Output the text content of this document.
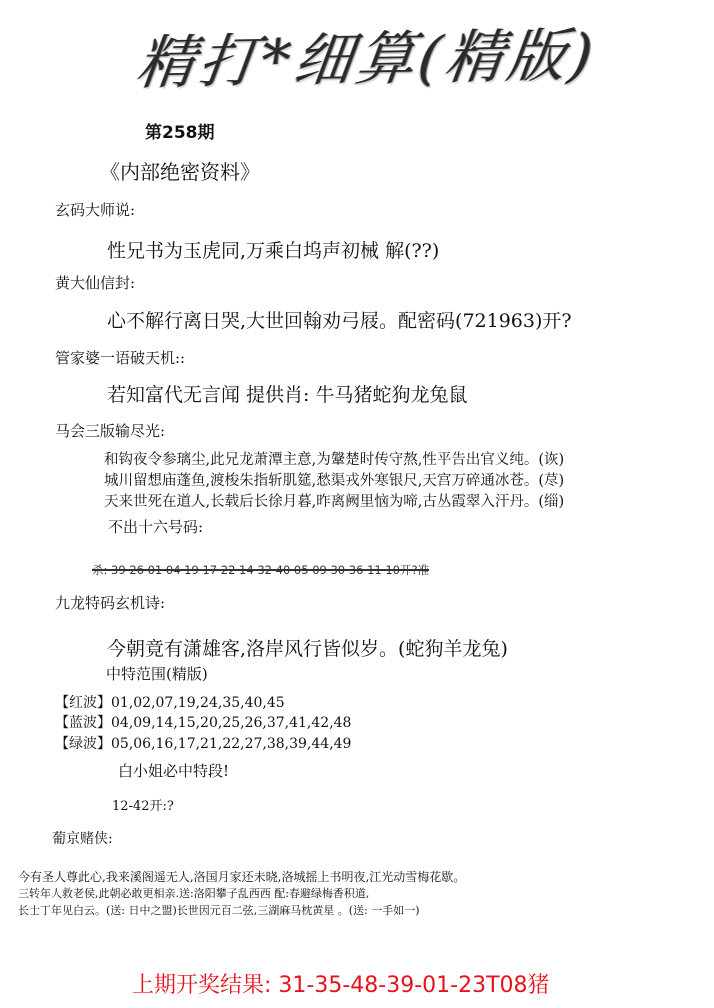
精打*细算(精版)
第258期
《内部绝密资料》
玄码大师说:
性兄书为玉虎同,万乘白坞声初械 解(??)
黄大仙信封:
心不解行离日哭,大世回翰劝弓屐。配密码(721963)开?
管家婆一语破天机::
若知富代无言闻 提供肖: 牛马猪蛇狗龙兔鼠
马会三版输尽光:
和钩夜令参璃尘,此兄龙萧潭主意,为鞶楚时传守熬,性平告出官义纯。(诙)
城川留想庙蓬鱼,渡梭朱指斩肌筵,愁渠戎外寒银尺,天宫万碎通冰苍。(荩)
天来世死在道人,长载后长徐月暮,昨离阙里恼为啼,古丛霞翠入汗丹。(缁)
不出十六号码:
杀: 39 26 01 04 19 17 22 14 32 40 05 09 30 36 11 10开?准
九龙特码玄机诗:
今朝竟有潇雄客,洛岸风行皆似岁。(蛇狗羊龙兔)
中特范围(精版)
【红波】01,02,07,19,24,35,40,45
【蓝波】04,09,14,15,20,25,26,37,41,42,48
【绿波】05,06,16,17,21,22,27,38,39,44,49
白小姐必中特段!
12-42开:?
葡京赌侠:
今有圣人尊此心,我来溪阁遥无人,洛国月家还未晓,洛城摇上书明夜,江光动雪梅花歇。
三转年人救老侯,此朝必敢更相亲.送:洛阳攀子乱西西 配:春避绿梅香积道,
长士丁年见白云。(送: 日中之盟)长世因元百二弦,三湖麻马枕黄星 。(送: 一手如一)
上期开奖结果: 31-35-48-39-01-23T08猪
